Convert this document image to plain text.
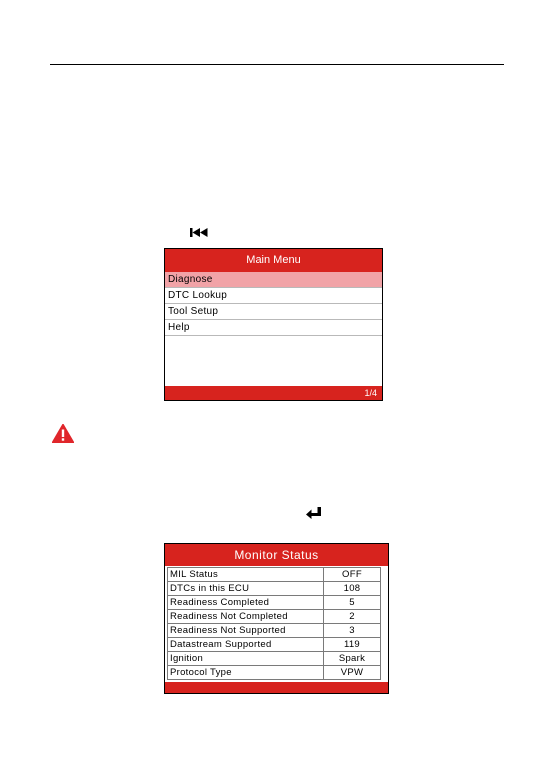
Main Menu
Diagnose
DTC Lookup
Tool Setup
Help
1/4
Monitor Status
MIL Status	OFF
DTCs in this ECU	108
Readiness Completed	5
Readiness Not Completed	2
Readiness Not Supported	3
Datastream Supported	119
Ignition	Spark
Protocol Type	VPW
